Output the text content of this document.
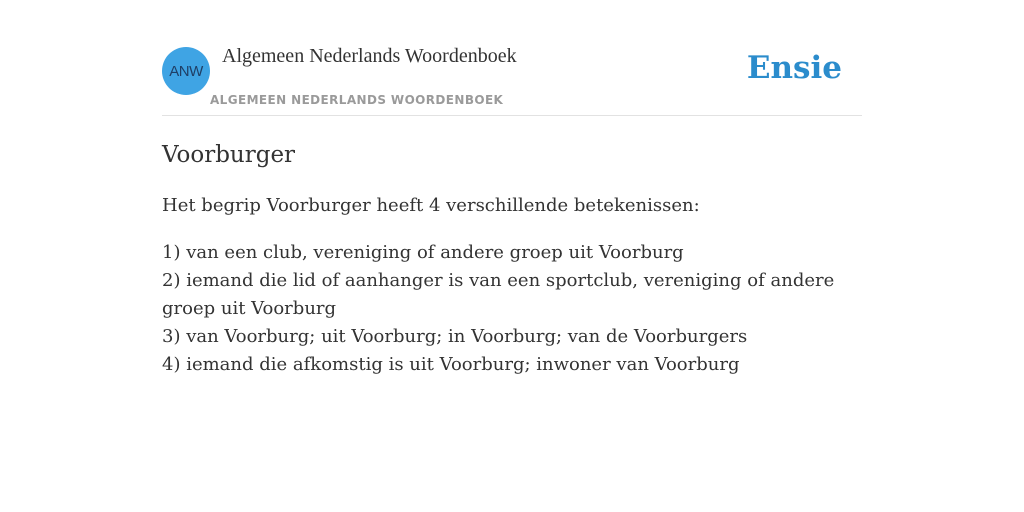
ANW
Algemeen Nederlands Woordenboek
ALGEMEEN NEDERLANDS WOORDENBOEK
Ensie
Voorburger

Het begrip Voorburger heeft 4 verschillende betekenissen:

1) van een club, vereniging of andere groep uit Voorburg
2) iemand die lid of aanhanger is van een sportclub, vereniging of andere groep uit Voorburg
3) van Voorburg; uit Voorburg; in Voorburg; van de Voorburgers
4) iemand die afkomstig is uit Voorburg; inwoner van Voorburg
